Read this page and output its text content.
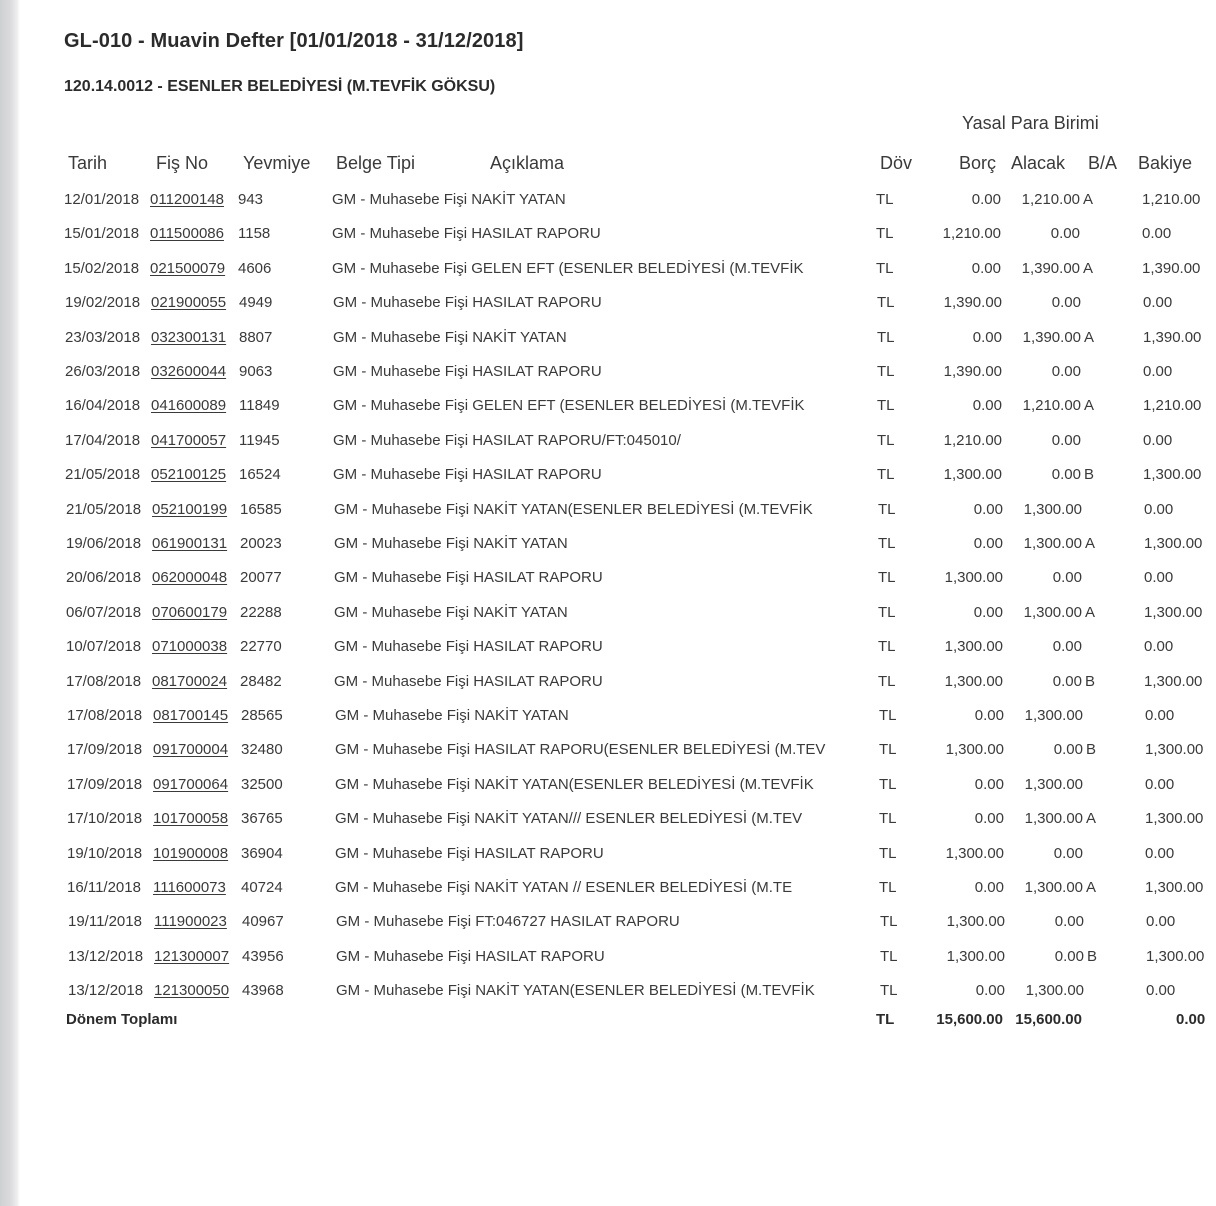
GL-010 - Muavin Defter [01/01/2018 - 31/12/2018]
120.14.0012 - ESENLER BELEDİYESİ (M.TEVFİK GÖKSU)
Yasal Para Birimi
Tarih	Fiş No Yevmiye Belge Tipi	Açıklama	Döv	Borç Alacak B/A Bakiye
12/01/2018 011200148 943	GM - Muhasebe Fişi NAKİT YATAN	TL	0.00	1,210.00 A	1,210.00
15/01/2018 011500086 1158	GM - Muhasebe Fişi HASILAT RAPORU	TL	1,210.00	0.00	0.00
15/02/2018 021500079 4606	GM - Muhasebe Fişi GELEN EFT (ESENLER BELEDİYESİ (M.TEVFİK	TL	0.00	1,390.00 A	1,390.00
19/02/2018 021900055 4949	GM - Muhasebe Fişi HASILAT RAPORU	TL	1,390.00	0.00	0.00
23/03/2018 032300131 8807	GM - Muhasebe Fişi NAKİT YATAN	TL	0.00	1,390.00 A	1,390.00
26/03/2018 032600044 9063	GM - Muhasebe Fişi HASILAT RAPORU	TL	1,390.00	0.00	0.00
16/04/2018 041600089 11849	GM - Muhasebe Fişi GELEN EFT (ESENLER BELEDİYESİ (M.TEVFİK	TL	0.00	1,210.00 A	1,210.00
17/04/2018 041700057 11945	GM - Muhasebe Fişi HASILAT RAPORU/FT:045010/	TL	1,210.00	0.00	0.00
21/05/2018 052100125 16524	GM - Muhasebe Fişi HASILAT RAPORU	TL	1,300.00	0.00 B	1,300.00
21/05/2018 052100199 16585	GM - Muhasebe Fişi NAKİT YATAN(ESENLER BELEDİYESİ (M.TEVFİK	TL	0.00	1,300.00	0.00
19/06/2018 061900131 20023	GM - Muhasebe Fişi NAKİT YATAN	TL	0.00	1,300.00 A	1,300.00
20/06/2018 062000048 20077	GM - Muhasebe Fişi HASILAT RAPORU	TL	1,300.00	0.00	0.00
06/07/2018 070600179 22288	GM - Muhasebe Fişi NAKİT YATAN	TL	0.00	1,300.00 A	1,300.00
10/07/2018 071000038 22770	GM - Muhasebe Fişi HASILAT RAPORU	TL	1,300.00	0.00	0.00
17/08/2018 081700024 28482	GM - Muhasebe Fişi HASILAT RAPORU	TL	1,300.00	0.00 B	1,300.00
17/08/2018 081700145 28565	GM - Muhasebe Fişi NAKİT YATAN	TL	0.00	1,300.00	0.00
17/09/2018 091700004 32480	GM - Muhasebe Fişi HASILAT RAPORU(ESENLER BELEDİYESİ (M.TEV	TL	1,300.00	0.00 B	1,300.00
17/09/2018 091700064 32500	GM - Muhasebe Fişi NAKİT YATAN(ESENLER BELEDİYESİ (M.TEVFİK	TL	0.00	1,300.00	0.00
17/10/2018 101700058 36765	GM - Muhasebe Fişi NAKİT YATAN/// ESENLER BELEDİYESİ (M.TEV	TL	0.00	1,300.00 A	1,300.00
19/10/2018 101900008 36904	GM - Muhasebe Fişi HASILAT RAPORU	TL	1,300.00	0.00	0.00
16/11/2018 111600073 40724	GM - Muhasebe Fişi NAKİT YATAN // ESENLER BELEDİYESİ (M.TE	TL	0.00	1,300.00 A	1,300.00
19/11/2018 111900023 40967	GM - Muhasebe Fişi FT:046727 HASILAT RAPORU	TL	1,300.00	0.00	0.00
13/12/2018 121300007 43956	GM - Muhasebe Fişi HASILAT RAPORU	TL	1,300.00	0.00 B	1,300.00
13/12/2018 121300050 43968	GM - Muhasebe Fişi NAKİT YATAN(ESENLER BELEDİYESİ (M.TEVFİK	TL	0.00	1,300.00	0.00
Dönem Toplamı	TL	15,600.00 15,600.00	0.00
